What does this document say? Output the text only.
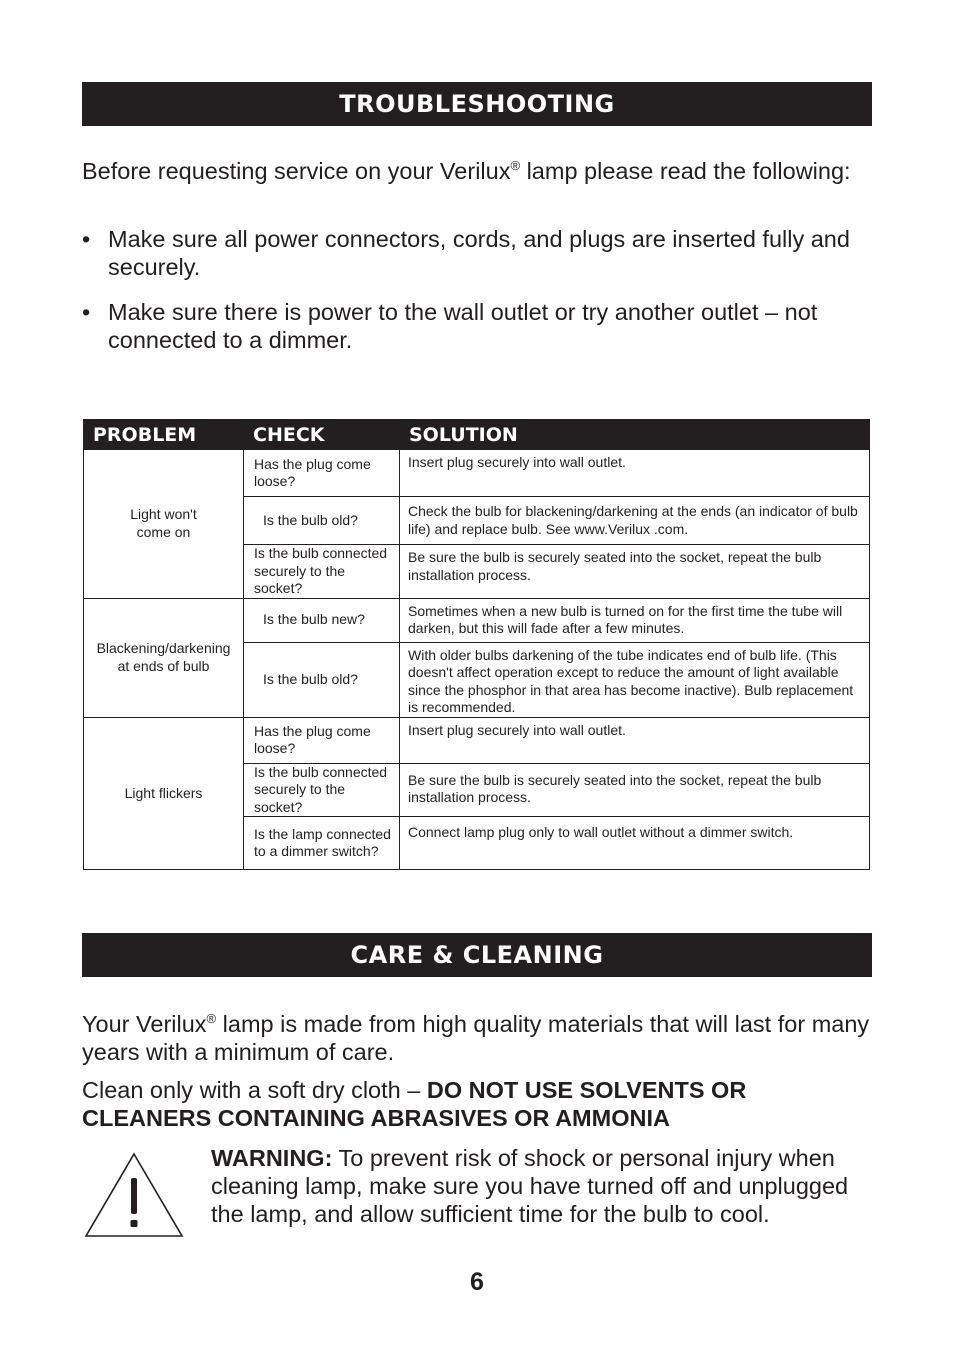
TROUBLESHOOTING

Before requesting service on your Verilux® lamp please read the following:

• Make sure all power connectors, cords, and plugs are inserted fully and securely.
• Make sure there is power to the wall outlet or try another outlet – not connected to a dimmer.
PROBLEM	CHECK	SOLUTION

Light won't come on	Has the plug come loose?	Insert plug securely into wall outlet.
	Is the bulb old?	Check the bulb for blackening/darkening at the ends (an indicator of bulb life) and replace bulb. See www.Verilux .com.
	Is the bulb connected securely to the socket?	Be sure the bulb is securely seated into the socket, repeat the bulb installation process.
Blackening/darkening at ends of bulb	Is the bulb new?	Sometimes when a new bulb is turned on for the first time the tube will darken, but this will fade after a few minutes.
	Is the bulb old?	With older bulbs darkening of the tube indicates end of bulb life. (This doesn't affect operation except to reduce the amount of light available since the phosphor in that area has become inactive). Bulb replacement is recommended.
Light flickers	Has the plug come loose?	Insert plug securely into wall outlet.
	Is the bulb connected securely to the socket?	Be sure the bulb is securely seated into the socket, repeat the bulb installation process.
	Is the lamp connected to a dimmer switch?	Connect lamp plug only to wall outlet without a dimmer switch.
CARE & CLEANING

Your Verilux® lamp is made from high quality materials that will last for many years with a minimum of care.

Clean only with a soft dry cloth – DO NOT USE SOLVENTS OR CLEANERS CONTAINING ABRASIVES OR AMMONIA

WARNING: To prevent risk of shock or personal injury when cleaning lamp, make sure you have turned off and unplugged the lamp, and allow sufficient time for the bulb to cool.

6
